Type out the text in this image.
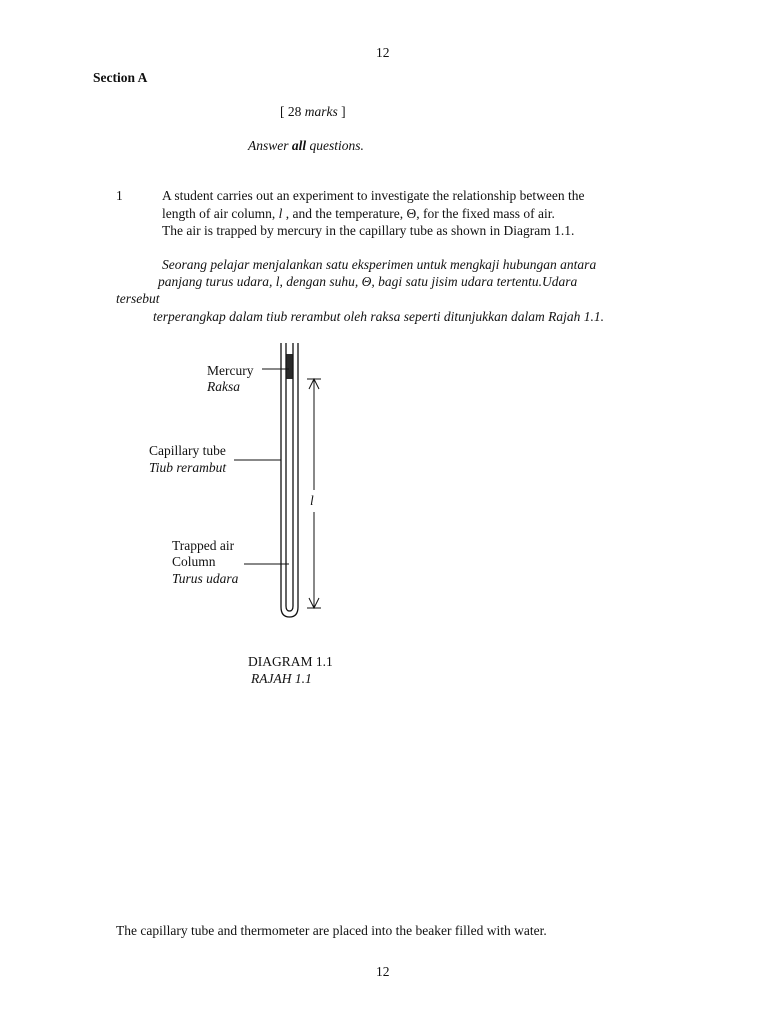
12
Section A
[ 28 marks ]
Answer all questions.
1	A student carries out an experiment to investigate the relationship between the
length of air column, l , and the temperature, Θ, for the fixed mass of air.
The air is trapped by mercury in the capillary tube as shown in Diagram 1.1.
Seorang pelajar menjalankan satu eksperimen untuk mengkaji hubungan antara
panjang turus udara, l, dengan suhu, Θ, bagi satu jisim udara tertentu.Udara
tersebut
terperangkap dalam tiub rerambut oleh raksa seperti ditunjukkan dalam Rajah 1.1.
Mercury
Raksa
Capillary tube
Tiub rerambut
l
Trapped air
Column
Turus udara
DIAGRAM 1.1
RAJAH 1.1
The capillary tube and thermometer are placed into the beaker filled with water.
12
